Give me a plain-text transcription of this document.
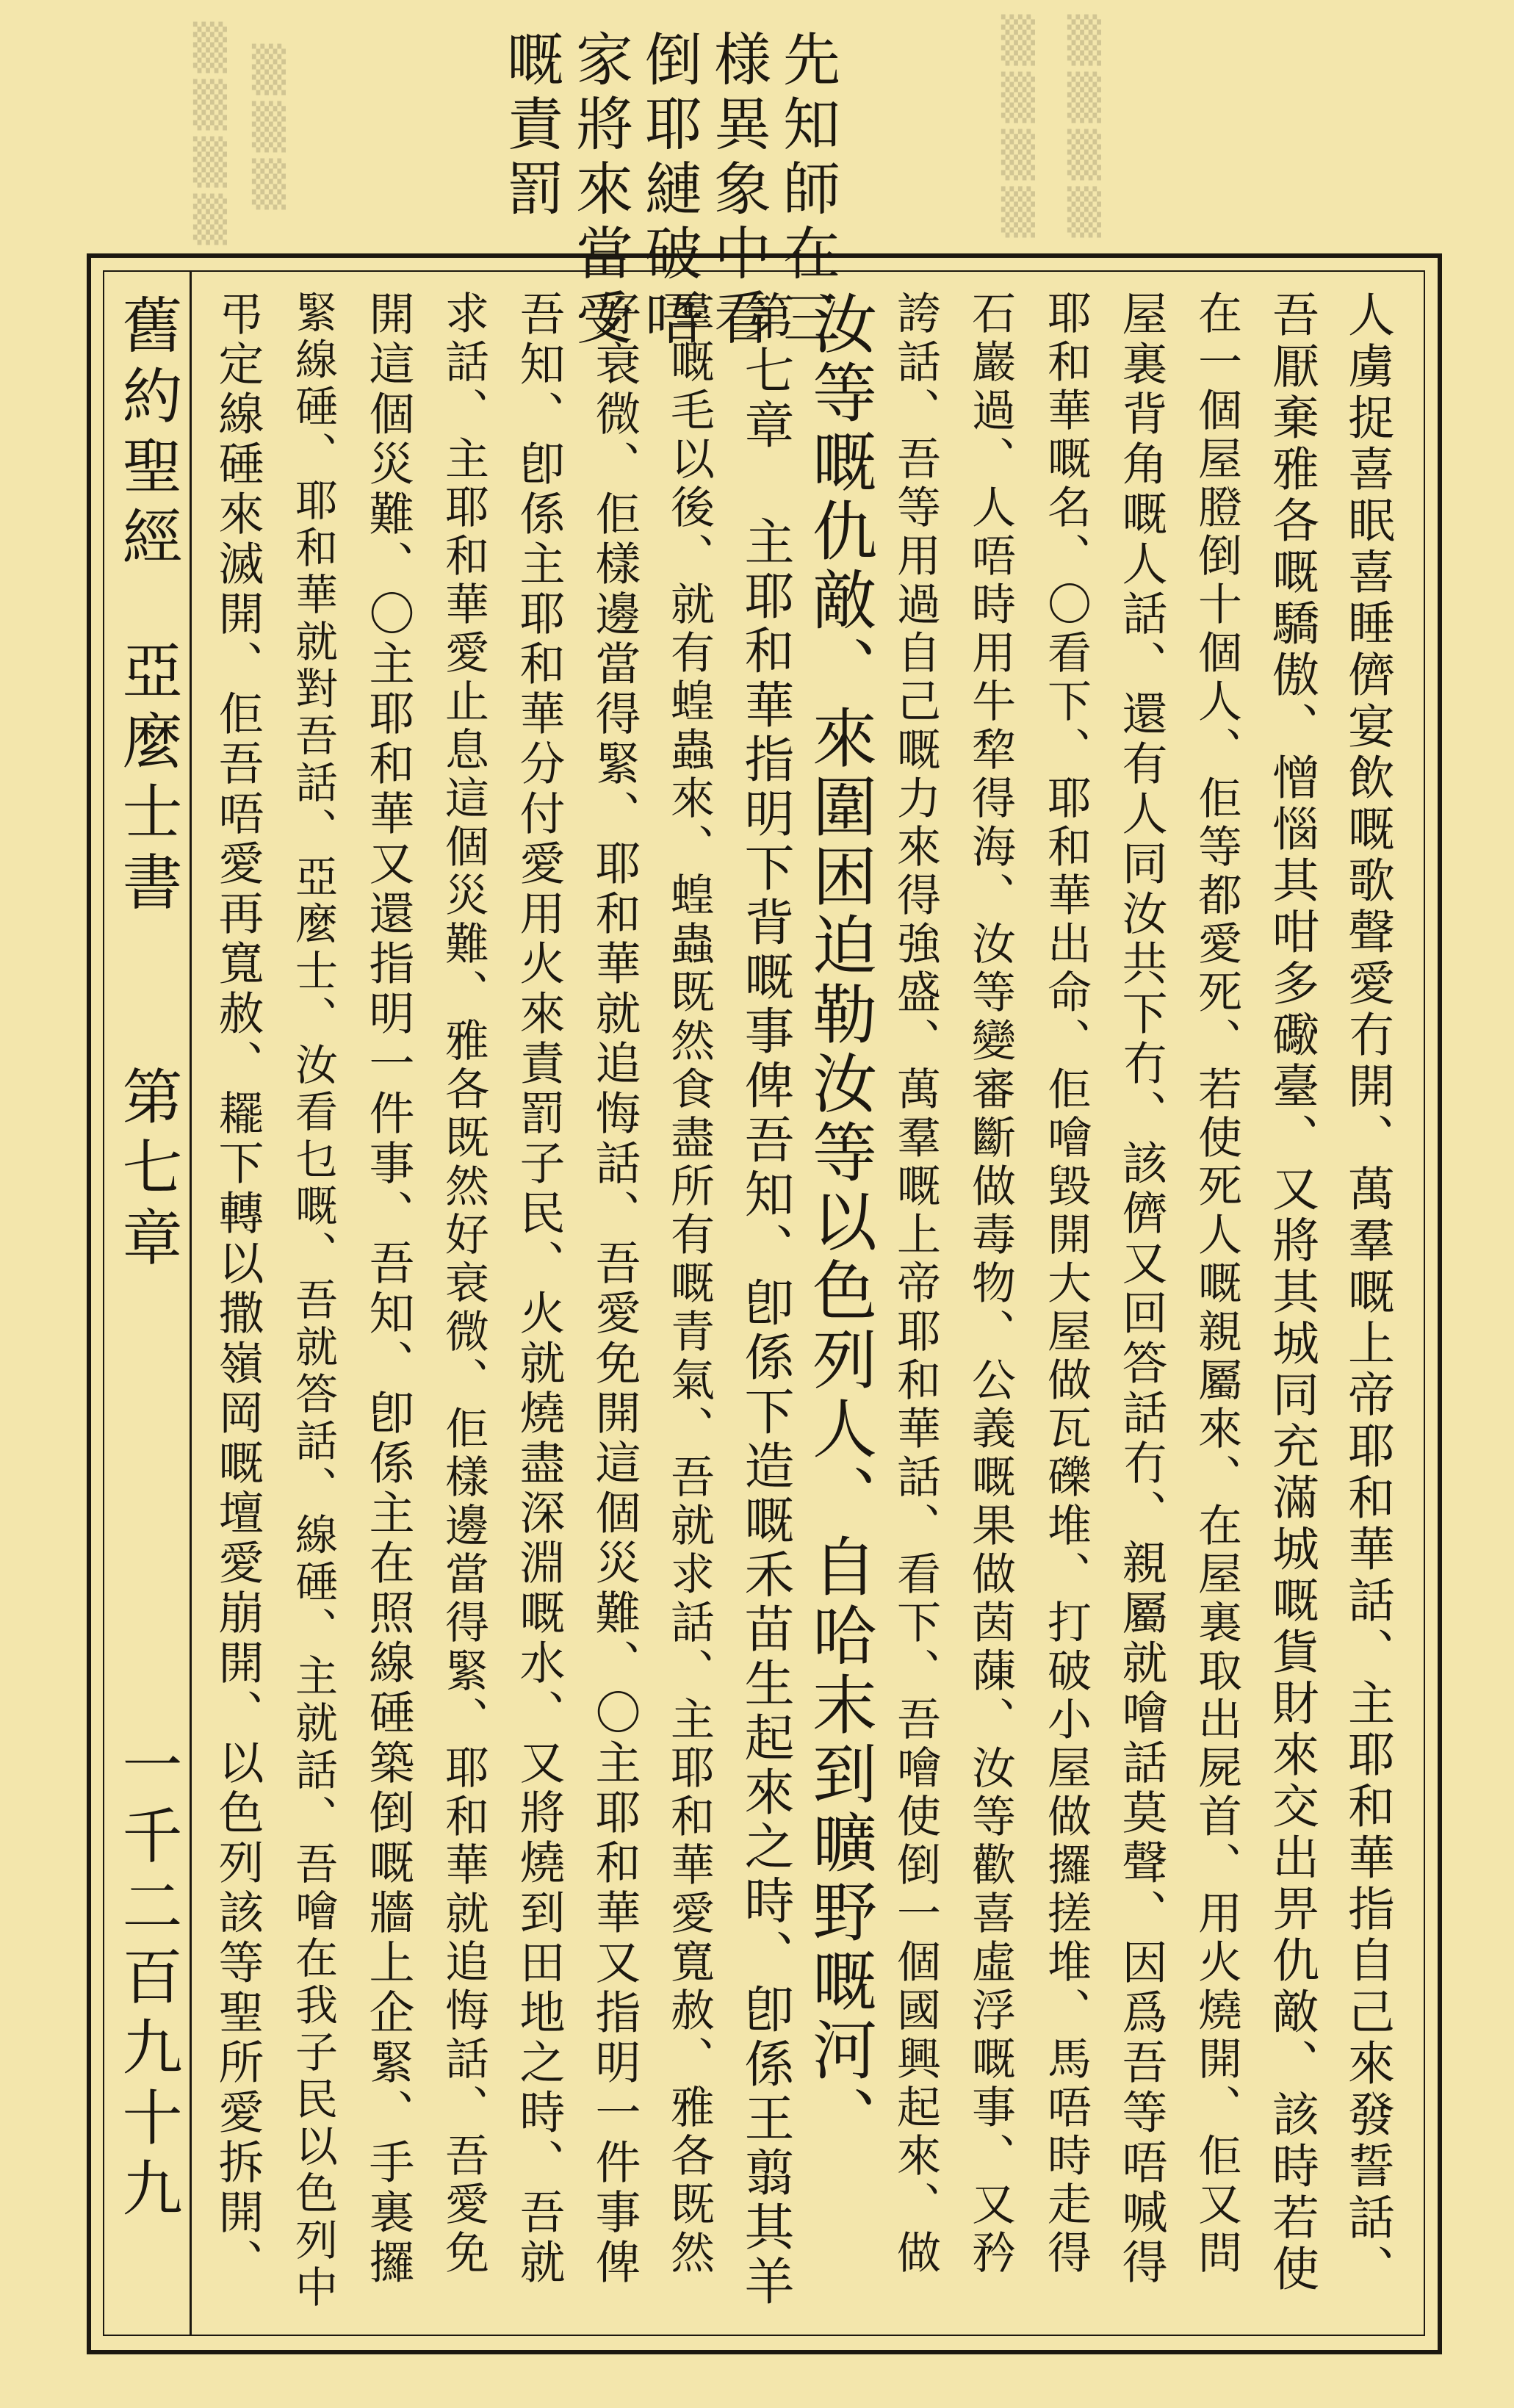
▒▒▒▒ ▒▒▒	▒▒▒▒ ▒▒▒▒
先知師在三
様異象中看
倒耶縺破唔
家將來當受
嘅責罰
舊約聖經
亞麼士書
第七章
一千二百九十九	人虜捉喜眠喜睡儕宴飲嘅歌聲愛冇開、萬羣嘅上帝耶和華話、主耶和華指自己來發誓話、
吾厭棄雅各嘅驕傲、憎惱其咁多礮臺、又將其城同充滿城嘅貨財來交出畀仇敵、該時若使
在一個屋膯倒十個人、佢等都愛死、若使死人嘅親屬來、在屋裏取出屍首、用火燒開、佢又問
屋裏背角嘅人話、還有人同汝共下冇、該儕又回答話冇、親屬就噲話莫聲、因爲吾等唔喊得
耶和華嘅名、〇看下、耶和華出命、佢噲毀開大屋做瓦礫堆、打破小屋做攞搓堆、馬唔時走得
石巖過、人唔時用牛犂得海、汝等變審斷做毒物、公義嘅果做茵蔯、汝等歡喜虛浮嘅事、又矜
誇話、吾等用過自己嘅力來得強盛、萬羣嘅上帝耶和華話、看下、吾噲使倒一個國興起來、做
汝等嘅仇敵、來圍困迫勒汝等以色列人、自哈末到曠野嘅河、
第七章 主耶和華指明下背嘅事俾吾知、卽係下造嘅禾苗生起來之時、卽係王翦其羊
羣嘅毛以後、就有蝗蟲來、蝗蟲既然食盡所有嘅青氣、吾就求話、主耶和華愛寬赦、雅各既然
好衰微、佢樣邊當得緊、耶和華就追悔話、吾愛免開這個災難、〇主耶和華又指明一件事俾
吾知、卽係主耶和華分付愛用火來責罰子民、火就燒盡深淵嘅水、又將燒到田地之時、吾就
求話、主耶和華愛止息這個災難、雅各既然好衰微、佢樣邊當得緊、耶和華就追悔話、吾愛免
開這個災難、〇主耶和華又還指明一件事、吾知、卽係主在照線硾築倒嘅牆上企緊、手裏攞
緊線硾、耶和華就對吾話、亞麼士、汝看乜嘅、吾就答話、線硾、主就話、吾噲在我子民以色列中
弔定線硾來滅開、佢吾唔愛再寬赦、䎱下轉以撒嶺岡嘅壇愛崩開、以色列該等聖所愛拆開、
